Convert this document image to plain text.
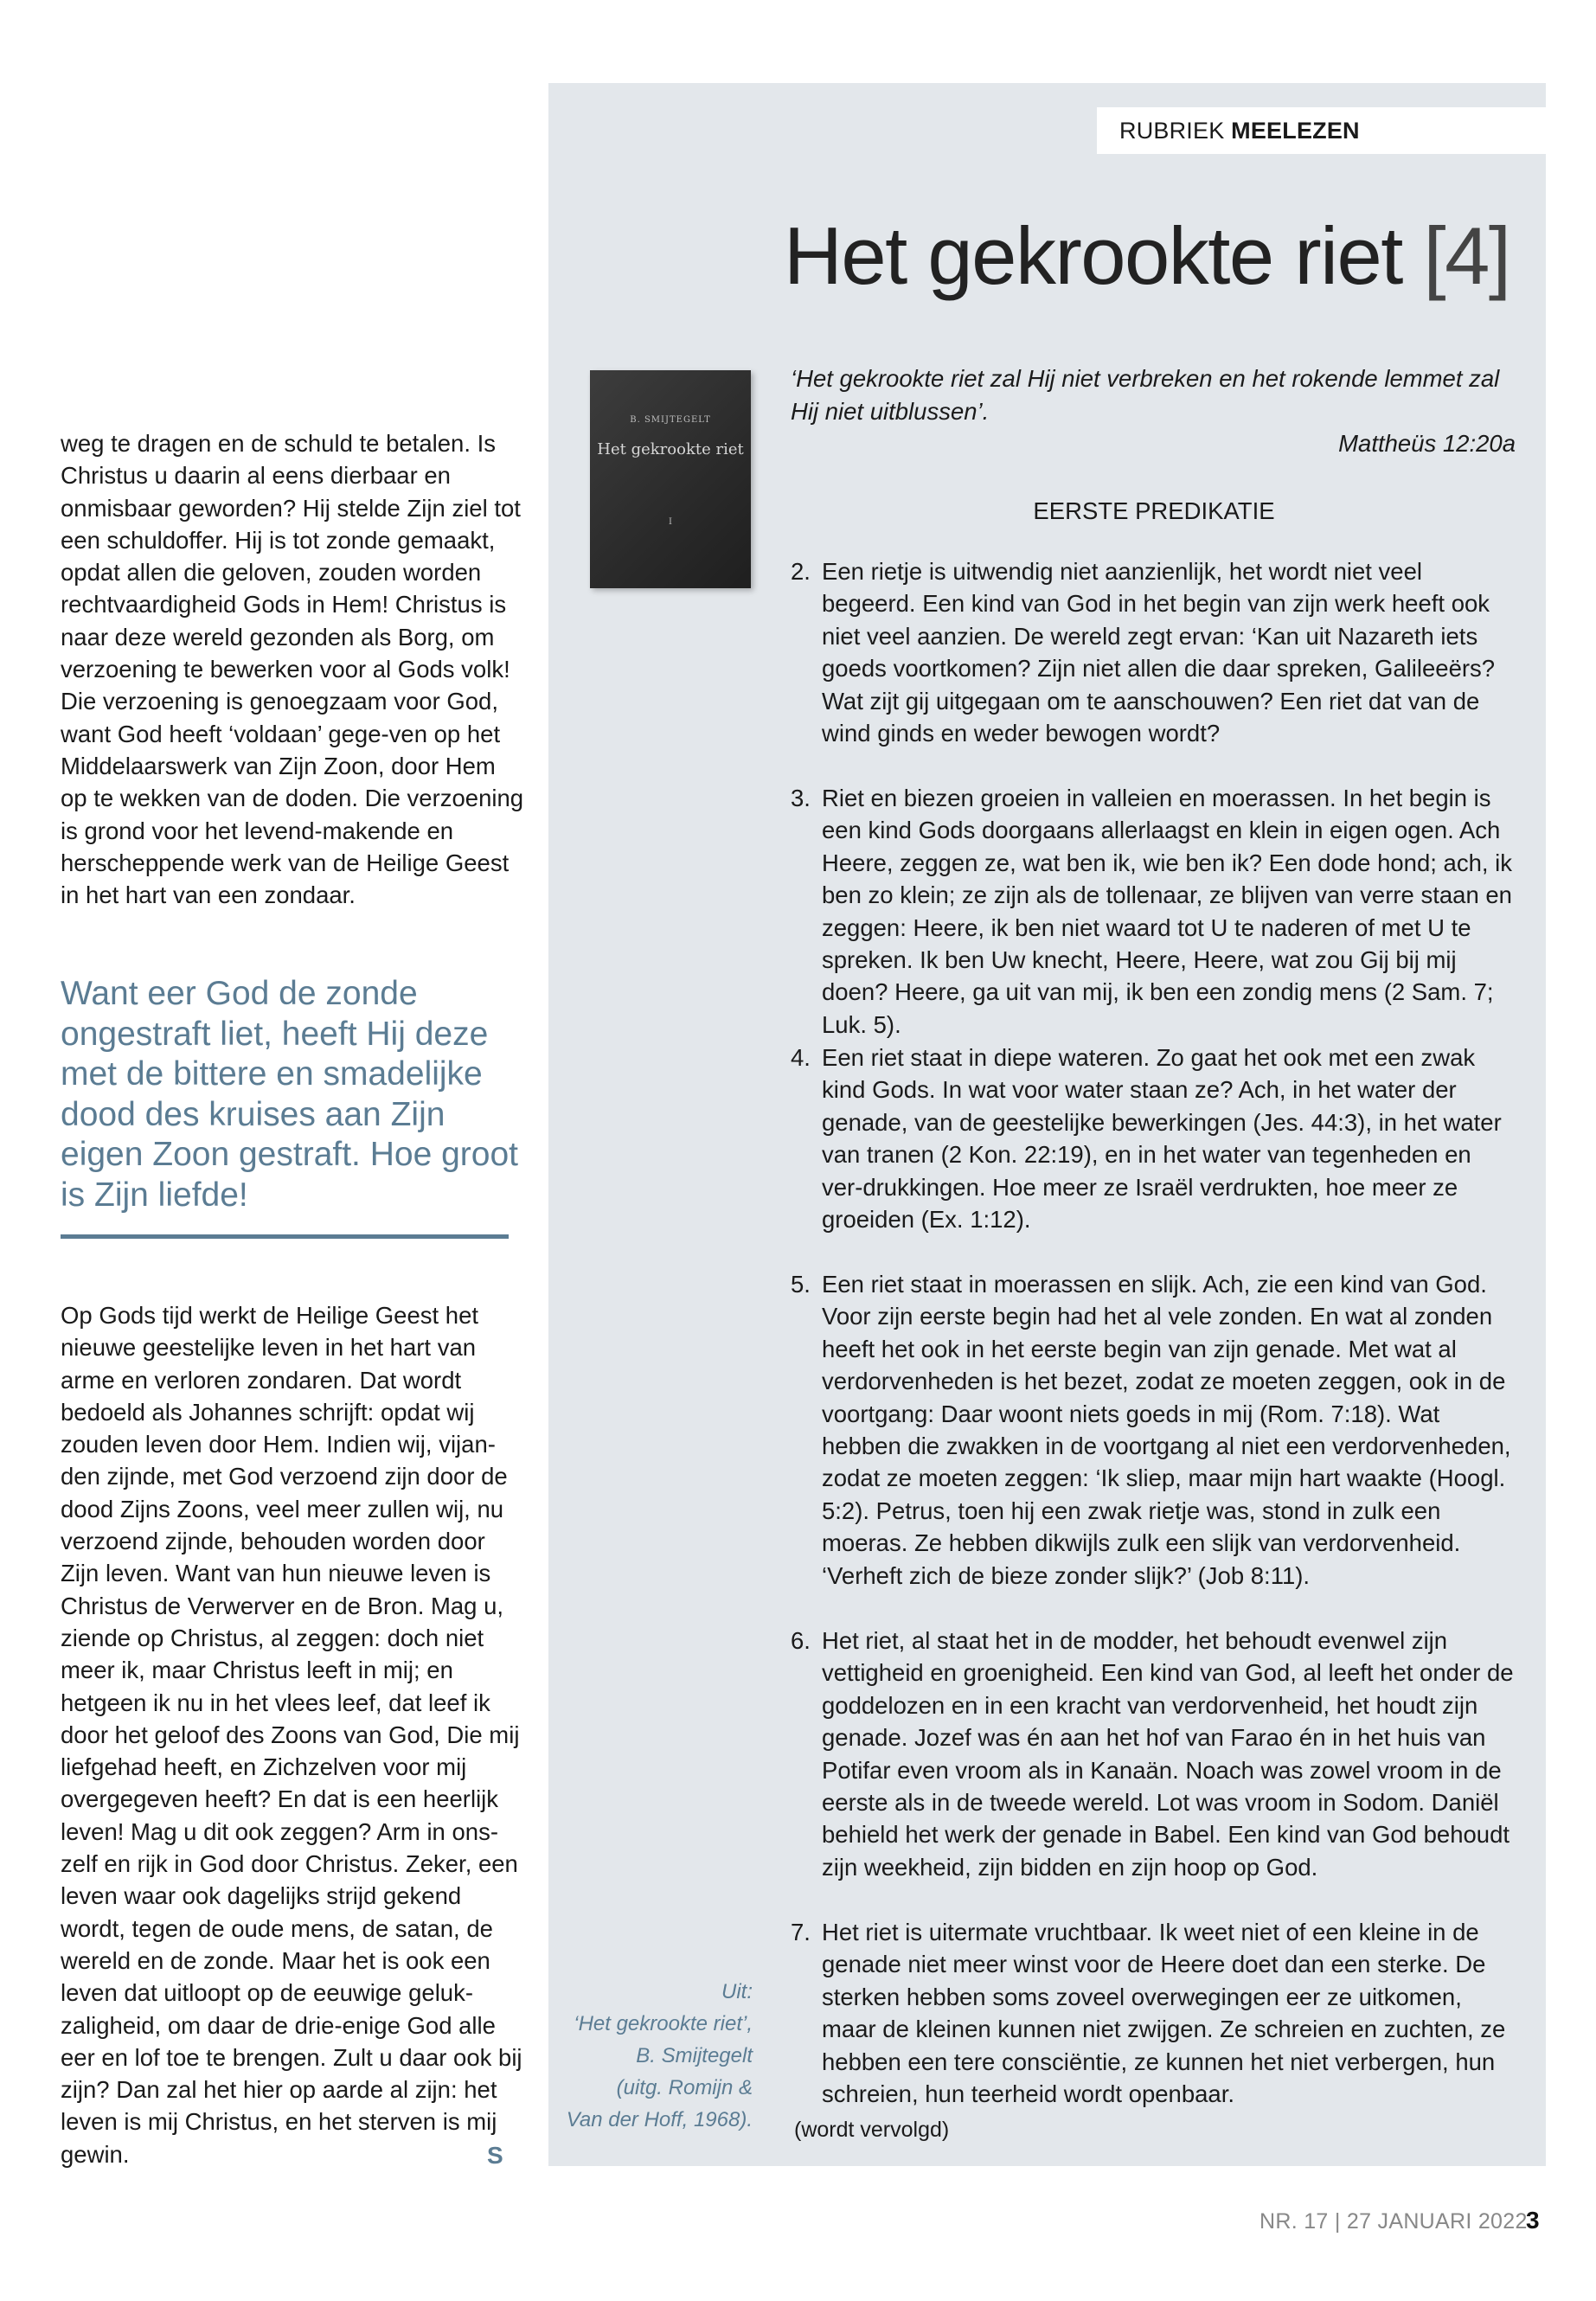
RUBRIEK MEELEZEN
Het gekrookte riet [4]

weg te dragen en de schuld te betalen. Is Christus u daarin al eens dierbaar en onmisbaar geworden? Hij stelde Zijn ziel tot een schuldoffer. Hij is tot zonde gemaakt, opdat allen die geloven, zouden worden rechtvaardigheid Gods in Hem! Christus is naar deze wereld gezonden als Borg, om verzoening te bewerken voor al Gods volk! Die verzoening is genoegzaam voor God, want God heeft ‘voldaan’ gege-ven op het Middelaarswerk van Zijn Zoon, door Hem op te wekken van de doden. Die verzoening is grond voor het levend-makende en herscheppende werk van de Heilige Geest in het hart van een zondaar.

Want eer God de zonde ongestraft liet, heeft Hij deze met de bittere en smadelijke dood des kruises aan Zijn eigen Zoon gestraft. Hoe groot is Zijn liefde!

Op Gods tijd werkt de Heilige Geest het nieuwe geestelijke leven in het hart van arme en verloren zondaren. Dat wordt bedoeld als Johannes schrijft: opdat wij zouden leven door Hem. Indien wij, vijan-den zijnde, met God verzoend zijn door de dood Zijns Zoons, veel meer zullen wij, nu verzoend zijnde, behouden worden door Zijn leven. Want van hun nieuwe leven is Christus de Verwerver en de Bron. Mag u, ziende op Christus, al zeggen: doch niet meer ik, maar Christus leeft in mij; en hetgeen ik nu in het vlees leef, dat leef ik door het geloof des Zoons van God, Die mij liefgehad heeft, en Zichzelven voor mij overgegeven heeft? En dat is een heerlijk leven! Mag u dit ook zeggen? Arm in ons-zelf en rijk in God door Christus. Zeker, een leven waar ook dagelijks strijd gekend wordt, tegen de oude mens, de satan, de wereld en de zonde. Maar het is ook een leven dat uitloopt op de eeuwige geluk-zaligheid, om daar de drie-enige God alle eer en lof toe te brengen. Zult u daar ook bij zijn? Dan zal het hier op aarde al zijn: het leven is mij Christus, en het sterven is mij gewin.	S
B. SMIJTEGELT
Het gekrookte riet
I
Uit:
‘Het gekrookte riet’,
B. Smijtegelt
(uitg. Romijn &
Van der Hoff, 1968).
‘Het gekrookte riet zal Hij niet verbreken en het rokende lemmet zal Hij niet uitblussen’.
Mattheüs 12:20a
EERSTE PREDIKATIE
2. Een rietje is uitwendig niet aanzienlijk, het wordt niet veel begeerd. Een kind van God in het begin van zijn werk heeft ook niet veel aanzien. De wereld zegt ervan: ‘Kan uit Nazareth iets goeds voortkomen? Zijn niet allen die daar spreken, Galileeërs? Wat zijt gij uitgegaan om te aanschouwen? Een riet dat van de wind ginds en weder bewogen wordt?
3. Riet en biezen groeien in valleien en moerassen. In het begin is een kind Gods doorgaans allerlaagst en klein in eigen ogen. Ach Heere, zeggen ze, wat ben ik, wie ben ik? Een dode hond; ach, ik ben zo klein; ze zijn als de tollenaar, ze blijven van verre staan en zeggen: Heere, ik ben niet waard tot U te naderen of met U te spreken. Ik ben Uw knecht, Heere, Heere, wat zou Gij bij mij doen? Heere, ga uit van mij, ik ben een zondig mens (2 Sam. 7; Luk. 5).
4. Een riet staat in diepe wateren. Zo gaat het ook met een zwak kind Gods. In wat voor water staan ze? Ach, in het water der genade, van de geestelijke bewerkingen (Jes. 44:3), in het water van tranen (2 Kon. 22:19), en in het water van tegenheden en ver-drukkingen. Hoe meer ze Israël verdrukten, hoe meer ze groeiden (Ex. 1:12).
5. Een riet staat in moerassen en slijk. Ach, zie een kind van God. Voor zijn eerste begin had het al vele zonden. En wat al zonden heeft het ook in het eerste begin van zijn genade. Met wat al verdorvenheden is het bezet, zodat ze moeten zeggen, ook in de voortgang: Daar woont niets goeds in mij (Rom. 7:18). Wat hebben die zwakken in de voortgang al niet een verdorvenheden, zodat ze moeten zeggen: ‘Ik sliep, maar mijn hart waakte (Hoogl. 5:2). Petrus, toen hij een zwak rietje was, stond in zulk een moeras. Ze hebben dikwijls zulk een slijk van verdorvenheid. ‘Verheft zich de bieze zonder slijk?’ (Job 8:11).
6. Het riet, al staat het in de modder, het behoudt evenwel zijn vettigheid en groenigheid. Een kind van God, al leeft het onder de goddelozen en in een kracht van verdorvenheid, het houdt zijn genade. Jozef was én aan het hof van Farao én in het huis van Potifar even vroom als in Kanaän. Noach was zowel vroom in de eerste als in de tweede wereld. Lot was vroom in Sodom. Daniël behield het werk der genade in Babel. Een kind van God behoudt zijn weekheid, zijn bidden en zijn hoop op God.
7. Het riet is uitermate vruchtbaar. Ik weet niet of een kleine in de genade niet meer winst voor de Heere doet dan een sterke. De sterken hebben soms zoveel overwegingen eer ze uitkomen, maar de kleinen kunnen niet zwijgen. Ze schreien en zuchten, ze hebben een tere consciëntie, ze kunnen het niet verbergen, hun schreien, hun teerheid wordt openbaar.
(wordt vervolgd)
NR. 17 | 27 JANUARI 2022
3
